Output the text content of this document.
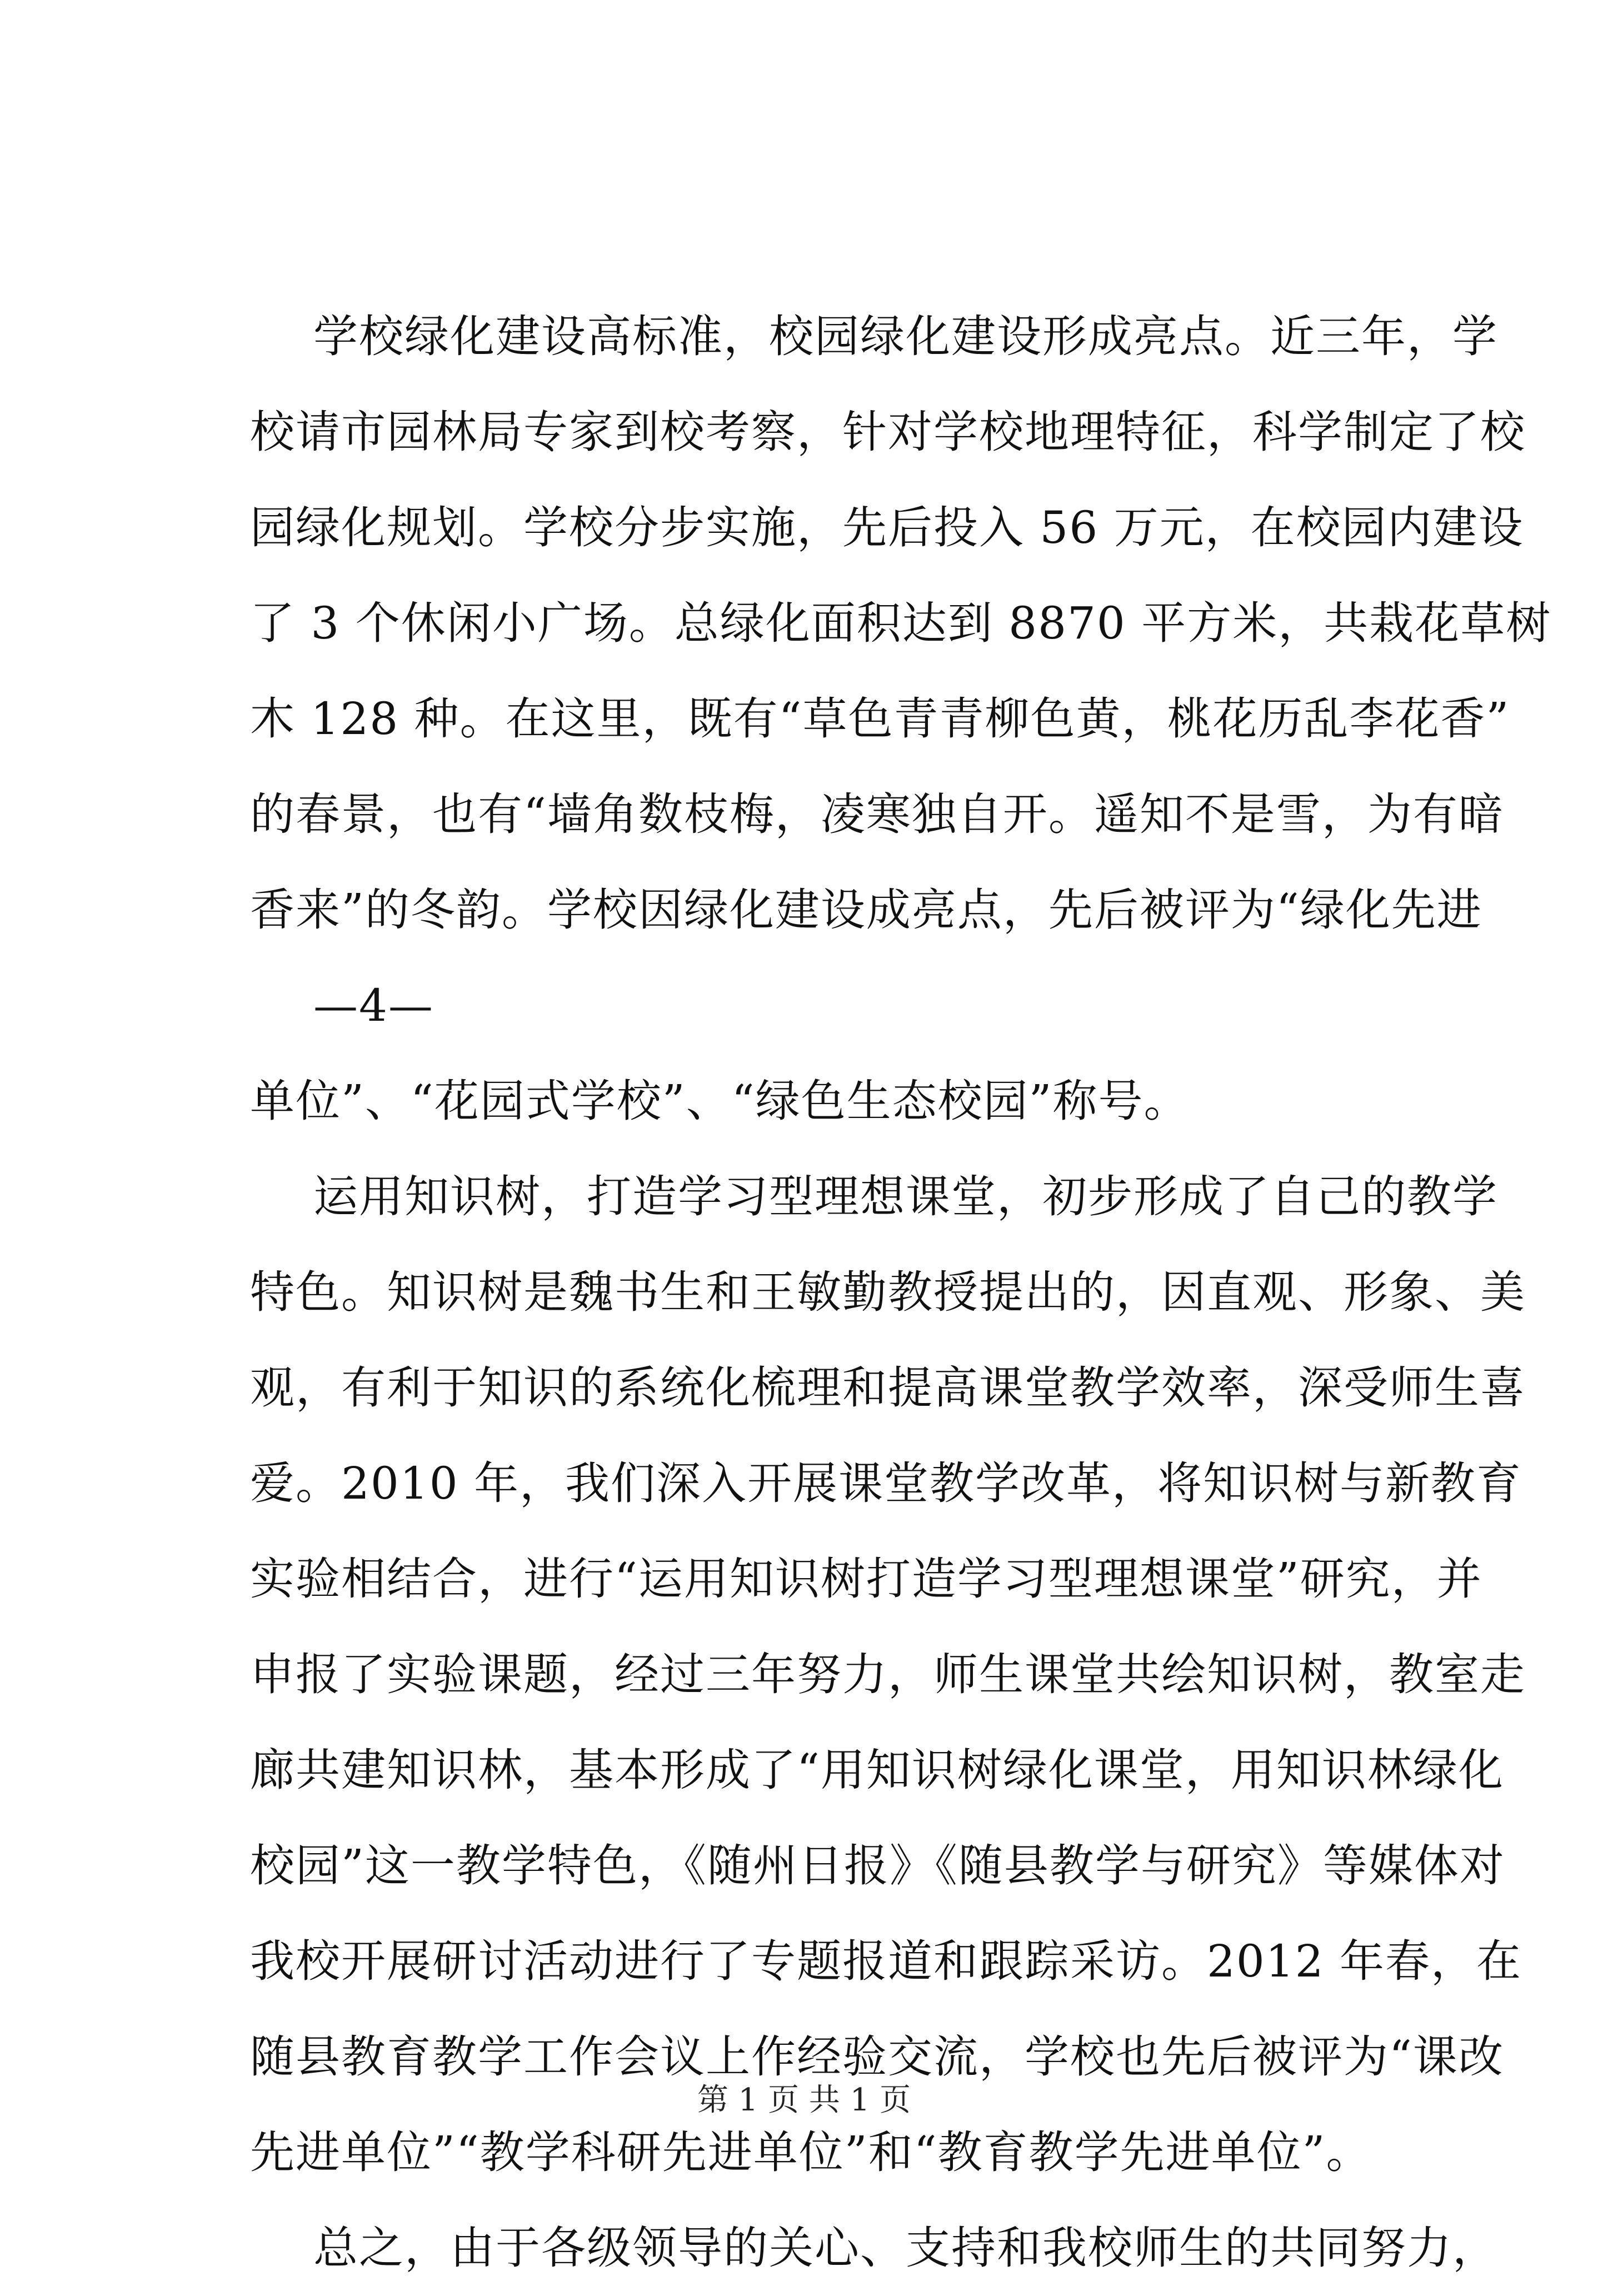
学校绿化建设高标准，校园绿化建设形成亮点。近三年，学
校请市园林局专家到校考察，针对学校地理特征，科学制定了校
园绿化规划。学校分步实施，先后投入 56 万元，在校园内建设
了 3 个休闲小广场。总绿化面积达到 8870 平方米，共栽花草树
木 128 种。在这里，既有“草色青青柳色黄，桃花历乱李花香”
的春景，也有“墙角数枝梅，凌寒独自开。遥知不是雪，为有暗
香来”的冬韵。学校因绿化建设成亮点，先后被评为“绿化先进
—4—
单位”、“花园式学校”、“绿色生态校园”称号。
运用知识树，打造学习型理想课堂，初步形成了自己的教学
特色。知识树是魏书生和王敏勤教授提出的，因直观、形象、美
观，有利于知识的系统化梳理和提高课堂教学效率，深受师生喜
爱。2010 年，我们深入开展课堂教学改革，将知识树与新教育
实验相结合，进行“运用知识树打造学习型理想课堂”研究，并
申报了实验课题，经过三年努力，师生课堂共绘知识树，教室走
廊共建知识林，基本形成了“用知识树绿化课堂，用知识林绿化
校园”这一教学特色，《随州日报》《随县教学与研究》等媒体对
我校开展研讨活动进行了专题报道和跟踪采访。2012 年春，在
随县教育教学工作会议上作经验交流，学校也先后被评为“课改
先进单位”“教学科研先进单位”和“教育教学先进单位”。
总之，由于各级领导的关心、支持和我校师生的共同努力，
第 1 页 共 1 页
